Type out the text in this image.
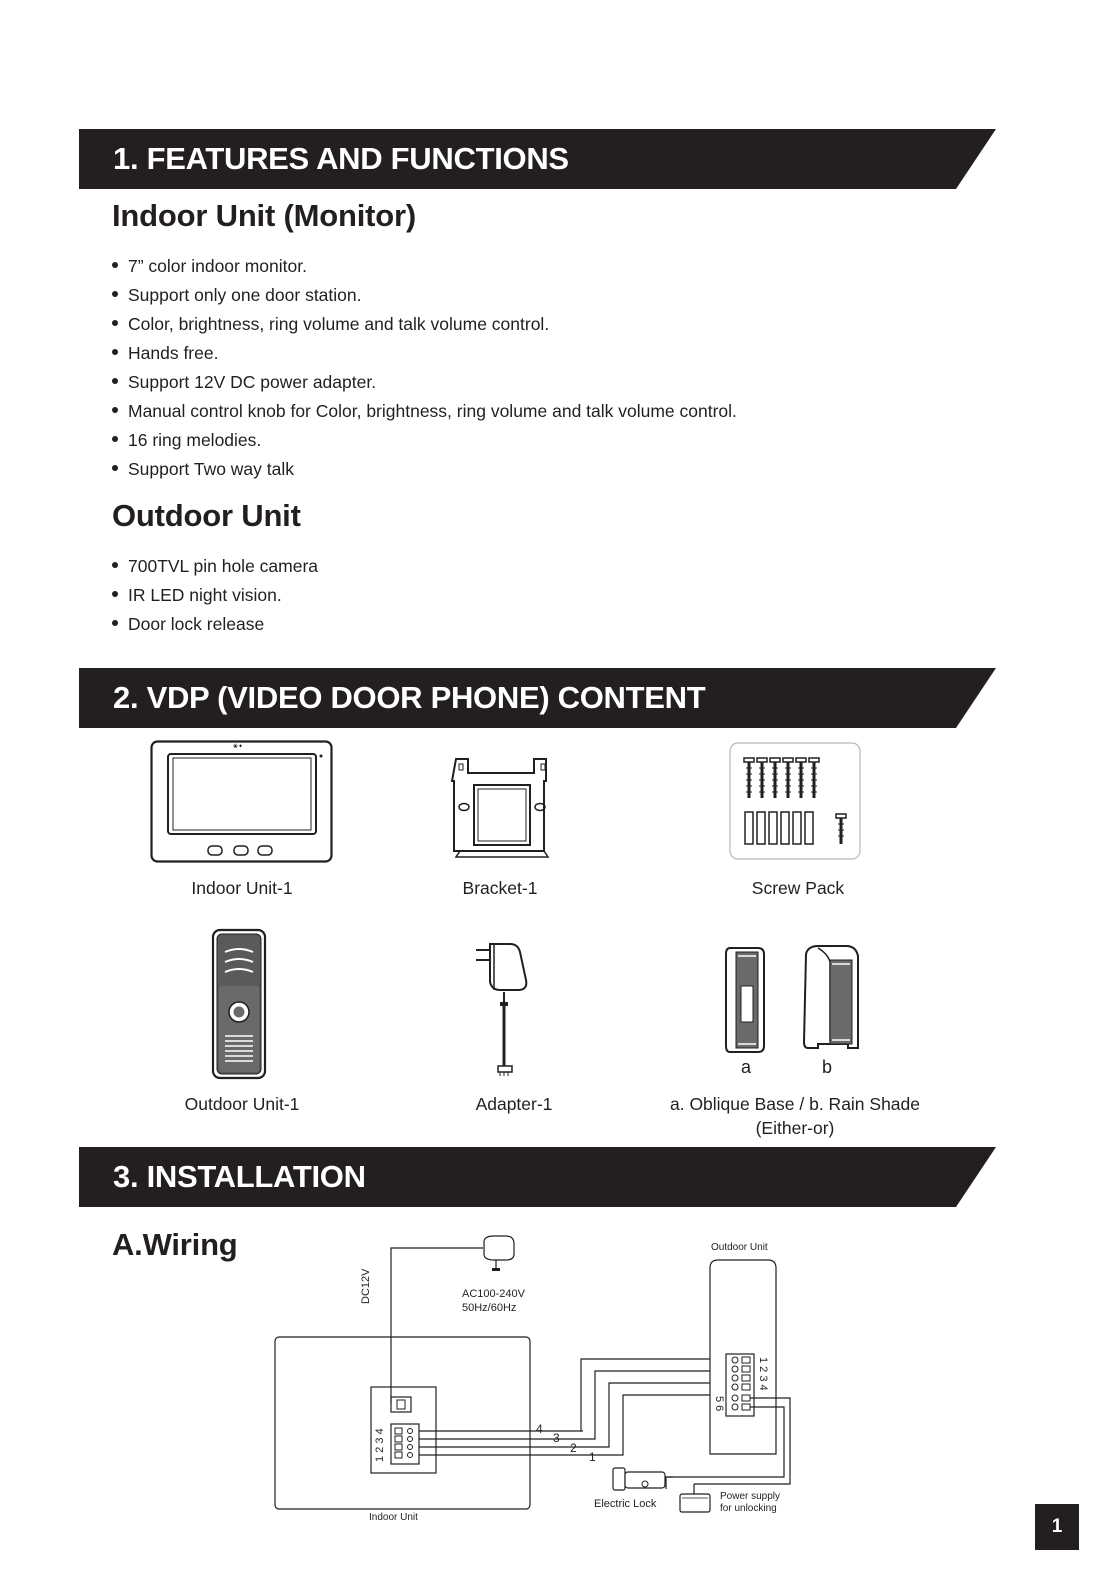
1. FEATURES AND FUNCTIONS
Indoor Unit (Monitor)
7” color indoor monitor.
Support only one door station.
Color, brightness, ring volume and talk volume control.
Hands free.
Support 12V DC power adapter.
Manual control knob for Color, brightness, ring volume and talk volume control.
16 ring melodies.
Support Two way talk
Outdoor Unit
700TVL pin hole camera
IR LED night vision.
Door lock release
2. VDP (VIDEO DOOR PHONE) CONTENT
❀✦
Indoor Unit-1	Bracket-1	Screw Pack
Outdoor Unit-1	Adapter-1
a	b
a. Oblique Base / b. Rain Shade
(Either-or)
3. INSTALLATION
A.Wiring	Outdoor Unit
DC12V	AC100-240V
50Hz/60Hz
1 2 3 4
1 2 3 4
5 6
4
3
2
1
Electric Lock
Power supply
for unlocking
Indoor Unit	1
